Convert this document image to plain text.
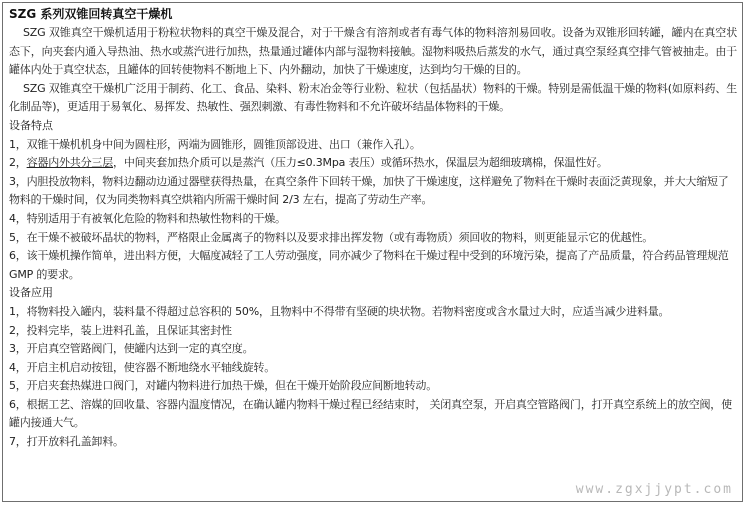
SZG 系列双锥回转真空干燥机

SZG 双锥真空干燥机适用于粉粒状物料的真空干燥及混合，对于干燥含有溶剂或者有毒气体的物料溶剂易回收。设备为双锥形回转罐，罐内在真空状态下，向夹套内通入导热油、热水或蒸汽进行加热，热量通过罐体内部与湿物料接触。湿物料吸热后蒸发的水气，通过真空泵经真空排气管被抽走。由于罐体内处于真空状态，且罐体的回转使物料不断地上下、内外翻动，加快了干燥速度，达到均匀干燥的目的。

SZG 双锥真空干燥机广泛用于制药、化工、食品、染料、粉末冶金等行业粉、粒状（包括晶状）物料的干燥。特别是需低温干燥的物料(如原料药、生化制品等)，更适用于易氧化、易挥发、热敏性、强烈刺激、有毒性物料和不允许破坏结晶体物料的干燥。

设备特点

1，双锥干燥机机身中间为圆柱形，两端为圆锥形，圆锥顶部设进、出口（兼作入孔）。

2，容器内外共分三层，中间夹套加热介质可以是蒸汽（压力≤0.3Mpa 表压）或循环热水，保温层为超细玻璃棉，保温性好。

3，内胆投放物料，物料边翻动边通过器壁获得热量，在真空条件下回转干燥，加快了干燥速度，这样避免了物料在干燥时表面泛黄现象，并大大缩短了物料的干燥时间，仅为同类物料真空烘箱内所需干燥时间 2/3 左右，提高了劳动生产率。

4，特别适用于有被氧化危险的物料和热敏性物料的干燥。

5，在干燥不被破坏晶状的物料，严格限止金属离子的物料以及要求排出挥发物（或有毒物质）须回收的物料，则更能显示它的优越性。

6，该干燥机操作简单，进出料方便，大幅度减轻了工人劳动强度，同亦减少了物料在干燥过程中受到的环境污染，提高了产品质量，符合药品管理规范 GMP 的要求。

设备应用

1，将物料投入罐内，装料量不得超过总容积的 50%，且物料中不得带有坚硬的块状物。若物料密度或含水量过大时，应适当减少进料量。

2，投料完毕，装上进料孔盖，且保证其密封性

3，开启真空管路阀门，使罐内达到一定的真空度。

4，开启主机启动按钮，使容器不断地绕水平轴线旋转。

5，开启夹套热媒进口阀门，对罐内物料进行加热干燥，但在干燥开始阶段应间断地转动。

6，根据工艺、溶媒的回收量、容器内温度情况，在确认罐内物料干燥过程已经结束时， 关闭真空泵，开启真空管路阀门，打开真空系统上的放空阀，使罐内接通大气。

7，打开放料孔盖卸料。

www.zgxjjypt.com
